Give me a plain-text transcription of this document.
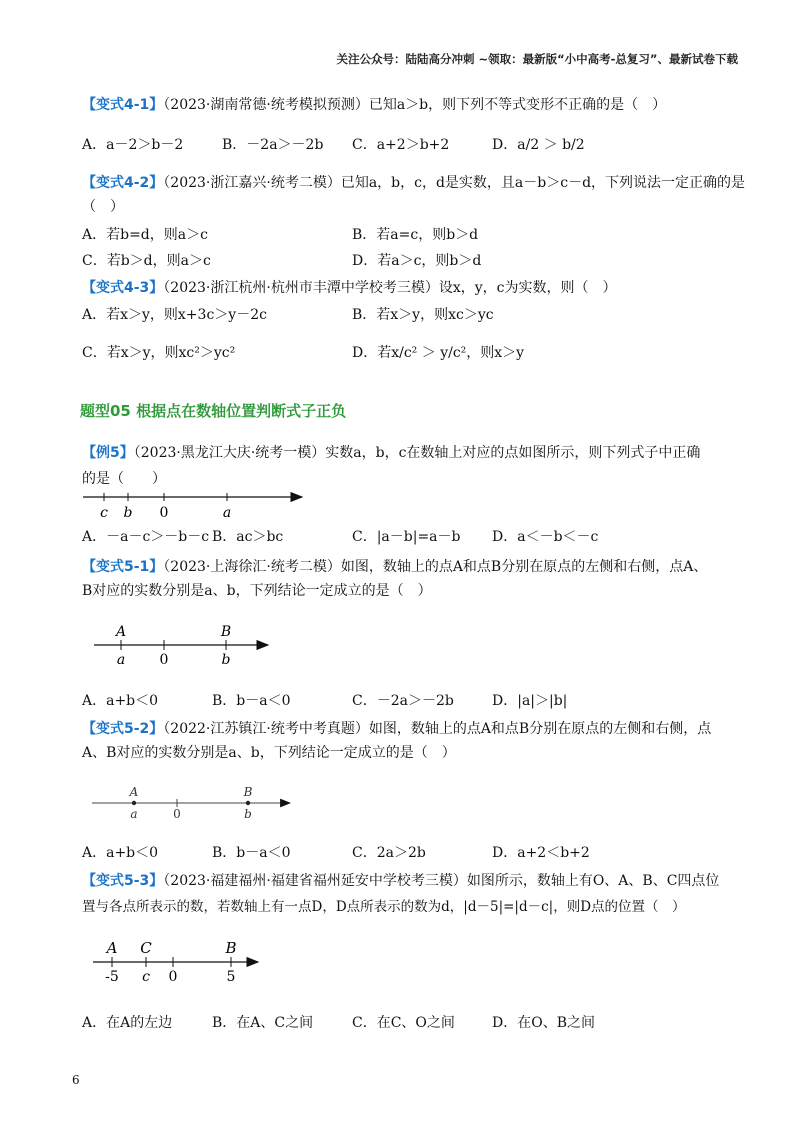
关注公众号：陆陆高分冲刺 ~领取：最新版“小中高考-总复习”、最新试卷下载
【变式4-1】（2023·湖南常德·统考模拟预测）已知a＞b，则下列不等式变形不正确的是（　）
A．a－2＞b－2	B．－2a＞－2b C．a+2＞b+2	D．a/2 ＞ b/2
【变式4-2】（2023·浙江嘉兴·统考二模）已知a，b，c，d是实数，且a－b＞c－d，下列说法一定正确的是
（　）
A．若b=d，则a＞c	B．若a=c，则b＞d
C．若b＞d，则a＞c	D．若a＞c，则b＞d
【变式4-3】（2023·浙江杭州·杭州市丰潭中学校考三模）设x，y，c为实数，则（　）
A．若x＞y，则x+3c＞y－2c	B．若x＞y，则xc＞yc
C．若x＞y，则xc²＞yc²	D．若x/c² ＞ y/c²，则x＞y
题型05 根据点在数轴位置判断式子正负
【例5】（2023·黑龙江大庆·统考一模）实数a，b，c在数轴上对应的点如图所示，则下列式子中正确
的是（　　）
A．－a－c＞－b－c B．ac＞bc	C．|a－b|=a－b D．a＜－b＜－c
【变式5-1】（2023·上海徐汇·统考二模）如图，数轴上的点A和点B分别在原点的左侧和右侧，点A、
B对应的实数分别是a、b，下列结论一定成立的是（　）
A．a+b＜0	B．b－a＜0	C．－2a＞－2b	D．|a|＞|b|
【变式5-2】（2022·江苏镇江·统考中考真题）如图，数轴上的点A和点B分别在原点的左侧和右侧，点
A、B对应的实数分别是a、b，下列结论一定成立的是（　）
A．a+b＜0	B．b－a＜0	C．2a＞2b	D．a+2＜b+2
【变式5-3】（2023·福建福州·福建省福州延安中学校考三模）如图所示，数轴上有O、A、B、C四点位
置与各点所表示的数，若数轴上有一点D，D点所表示的数为d，|d－5|=|d－c|，则D点的位置（　）
A．在A的左边	B．在A、C之间	C．在C、O之间	D．在O、B之间
6
c b 0	a
A	B
a 0	b
A	B
a	0	b
A C	B
-5 c 0	5
